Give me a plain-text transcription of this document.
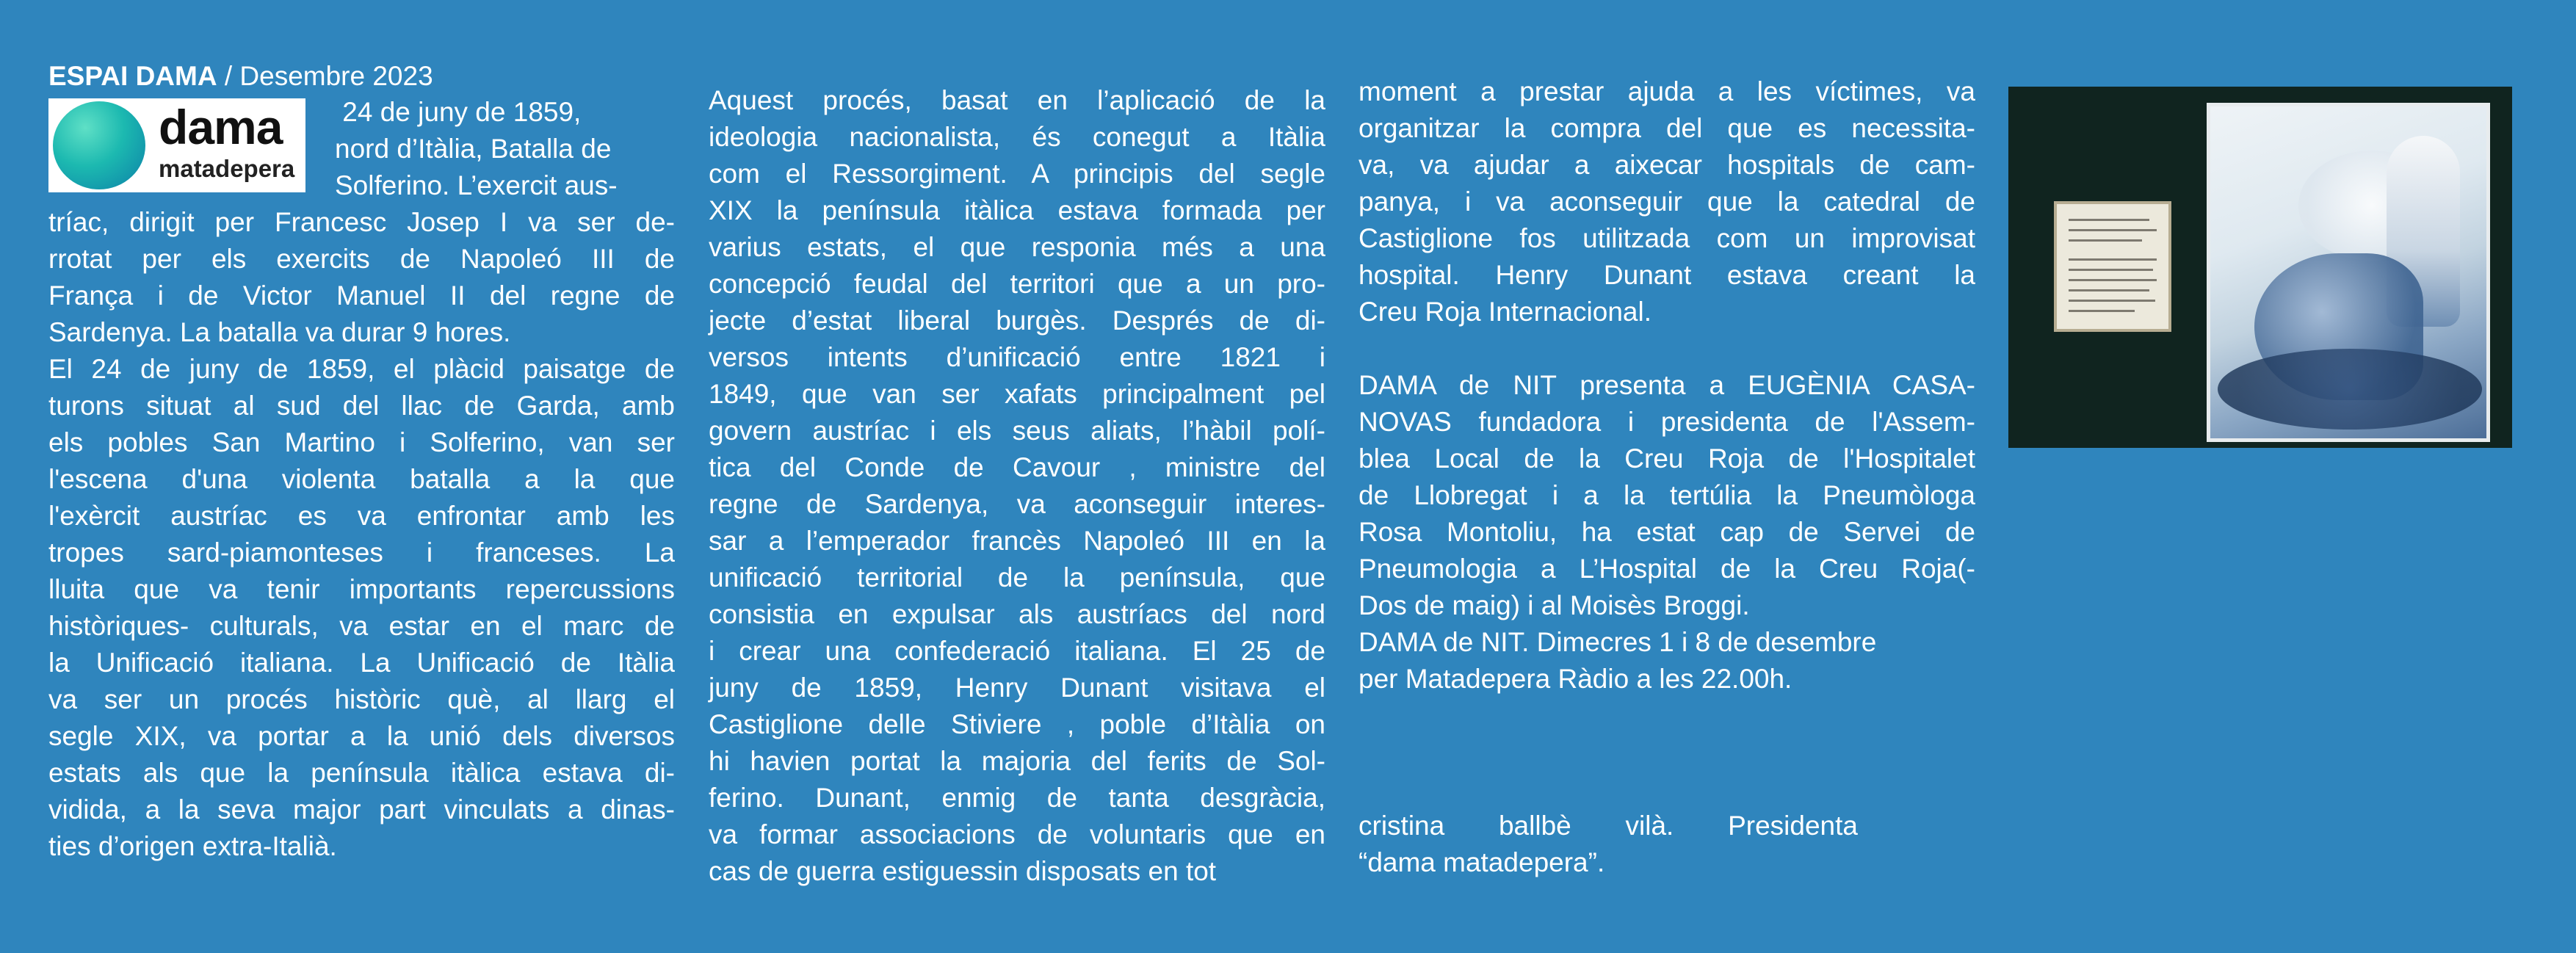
ESPAI DAMA / Desembre 2023
dama
matadepera
24 de juny de 1859,
nord d’Itàlia, Batalla de
Solferino. L’exercit aus-
tríac, dirigit per Francesc Josep I va ser de-
rrotat per els exercits de Napoleó III de
França i de Victor Manuel II del regne de
Sardenya. La batalla va durar 9 hores.
El 24 de juny de 1859, el plàcid paisatge de
turons situat al sud del llac de Garda, amb
els pobles San Martino i Solferino, van ser
l'escena d'una violenta batalla a la que
l'exèrcit austríac es va enfrontar amb les
tropes sard-piamonteses i franceses. La
lluita que va tenir importants repercussions
històriques- culturals, va estar en el marc de
la Unificació italiana. La Unificació de Itàlia
va ser un procés històric què, al llarg el
segle XIX, va portar a la unió dels diversos
estats als que la península itàlica estava di-
vidida, a la seva major part vinculats a dinas-
ties d’origen extra-Italià.
Aquest procés, basat en l’aplicació de la
ideologia nacionalista, és conegut a Itàlia
com el Ressorgiment. A principis del segle
XIX la península itàlica estava formada per
varius estats, el que responia més a una
concepció feudal del territori que a un pro-
jecte d’estat liberal burgès. Després de di-
versos intents d’unificació entre 1821 i
1849, que van ser xafats principalment pel
govern austríac i els seus aliats, l’hàbil polí-
tica del Conde de Cavour , ministre del
regne de Sardenya, va aconseguir interes-
sar a l’emperador francès Napoleó III en la
unificació territorial de la península, que
consistia en expulsar als austríacs del nord
i crear una confederació italiana. El 25 de
juny de 1859, Henry Dunant visitava el
Castiglione delle Stiviere , poble d’Itàlia on
hi havien portat la majoria del ferits de Sol-
ferino. Dunant, enmig de tanta desgràcia,
va formar associacions de voluntaris que en
cas de guerra estiguessin disposats en tot
moment a prestar ajuda a les víctimes, va
organitzar la compra del que es necessita-
va, va ajudar a aixecar hospitals de cam-
panya, i va aconseguir que la catedral de
Castiglione fos utilitzada com un improvisat
hospital. Henry Dunant estava creant la
Creu Roja Internacional.

DAMA de NIT presenta a EUGÈNIA CASA-
NOVAS fundadora i presidenta de l'Assem-
blea Local de la Creu Roja de l'Hospitalet
de Llobregat i a la tertúlia la Pneumòloga
Rosa Montoliu, ha estat cap de Servei de
Pneumologia a L’Hospital de la Creu Roja(-
Dos de maig) i al Moisès Broggi.
DAMA de NIT. Dimecres 1 i 8 de desembre
per Matadepera Ràdio a les 22.00h.

cristina ballbè vilà. Presidenta
“dama matadepera”.
